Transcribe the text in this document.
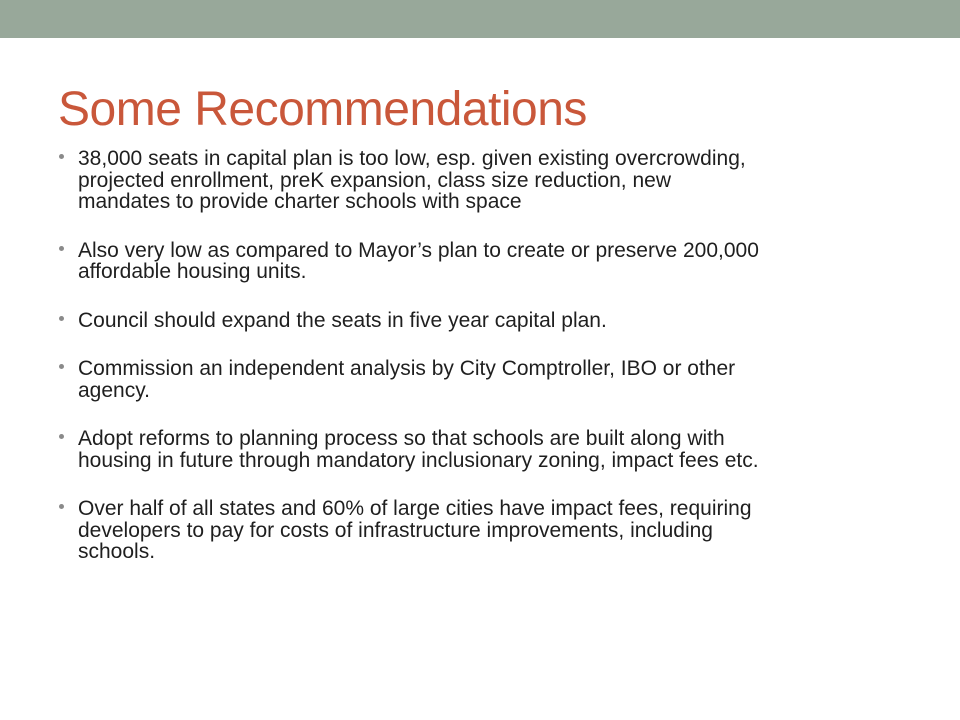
Some Recommendations
38,000 seats in capital plan is too low, esp. given existing overcrowding,
projected enrollment, preK expansion, class size reduction, new
mandates to provide charter schools with space
Also very low as compared to Mayor’s plan to create or preserve 200,000
affordable housing units.
Council should expand the seats in five year capital plan.
Commission an independent analysis by City Comptroller, IBO or other
agency.
Adopt reforms to planning process so that schools are built along with
housing in future through mandatory inclusionary zoning, impact fees etc.
Over half of all states and 60% of large cities have impact fees, requiring
developers to pay for costs of infrastructure improvements, including
schools.
